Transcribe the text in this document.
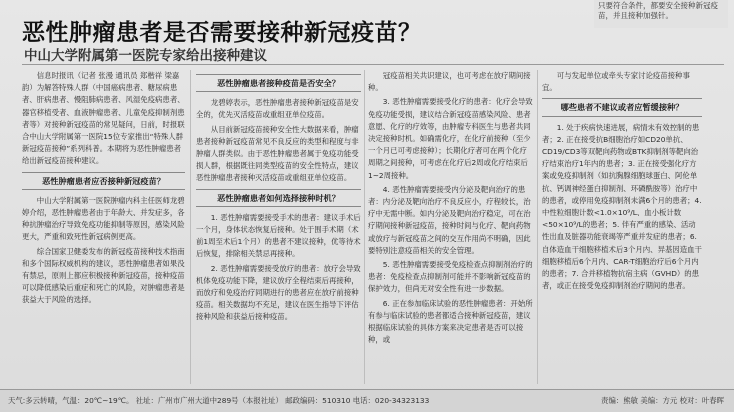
只要符合条件，都要安全接种新冠疫苗，并且接种加强针。
恶性肿瘤患者是否需要接种新冠疫苗？
中山大学附属第一医院专家给出接种建议

信息时报讯（记者 张漫 通讯员 郑楷祥 梁嘉韵）为解答特殊人群（中国癌病患者、糖尿病患者、肝病患者、慢阻肺病患者、风湿免疫病患者、器官移植受者、血液肿瘤患者、儿童免疫抑制剂患者等）对接种新冠疫苗的常见疑问，日前，时报联合中山大学附属第一医院15位专家推出“特殊人群新冠疫苗接种”系列科普。本期将为恶性肿瘤患者给出新冠疫苗接种建议。

恶性肿瘤患者应否接种新冠疫苗？

中山大学附属第一医院肿瘤内科主任医师龙碧婷介绍，恶性肿瘤患者由于年龄大、并发症多，各种抗肿瘤治疗导致免疫功能抑制等原因，感染风险更大，严重和致死性新冠病例更高。

综合国家卫健委发布的新冠疫苗接种技术指南和多个国际权威机构的建议，恶性肿瘤患者如果没有禁忌，原则上都应积极接种新冠疫苗，接种疫苗可以降低感染后重症和死亡的风险，对肿瘤患者是获益大于风险的选择。

恶性肿瘤患者接种疫苗是否安全？

龙碧婷表示，恶性肿瘤患者接种新冠疫苗是安全的，优先灭活疫苗或重组亚单位疫苗。

从目前新冠疫苗接种安全性大数据来看，肿瘤患者接种新冠疫苗常见不良反应的类型和程度与非肿瘤人群类似。由于恶性肿瘤患者属于免疫功能受损人群，根据既往同类型疫苗的安全性特点，建议恶性肿瘤患者接种灭活疫苗或重组亚单位疫苗。

恶性肿瘤患者如何选择接种时机？

1. 恶性肿瘤需要接受手术的患者：建议手术后一个月，身体状态恢复后接种。处于围手术期（术前1周至术后1个月）的患者不建议接种，优等待术后恢复，排除相关禁忌再接种。

2. 恶性肿瘤需要接受放疗的患者：放疗会导致机体免疫功能下降，建议放疗全程结束后再接种，而放疗和免疫治疗同期进行的患者应在放疗前接种疫苗。相关数据均不充足，建议在医生指导下评估接种风险和获益后接种疫苗。

冠疫苗相关共识建议，也可考虑在放疗期间接种。

3. 恶性肿瘤需要接受化疗的患者：化疗会导致免疫功能受损，建议结合新冠疫苗感染风险、患者意愿、化疗的疗效等，由肿瘤专科医生与患者共同决定接种时机。如确需化疗，在化疗前接种（至少一个月已可考虑接种）；长期化疗者可在两个化疗周期之间接种，可考虑在化疗后2周或化疗结束后1~2周接种。

4. 恶性肿瘤需要接受内分泌及靶向治疗的患者：内分泌及靶向治疗不良反应小，疗程较长，治疗中无需中断。如内分泌及靶向治疗稳定，可在治疗期间接种新冠疫苗，接种时间与化疗、靶向药物或放疗与新冠疫苗之间的交互作用尚不明确，因此要特别注意疫苗相关的安全管理。

5. 恶性肿瘤需要接受免疫检查点抑制剂治疗的患者：免疫检查点抑制剂可能并不影响新冠疫苗的保护效力，但尚无对安全性有进一步数据。

6. 正在参加临床试验的恶性肿瘤患者：开始所有参与临床试验的患者都适合接种新冠疫苗，建议根据临床试验的具体方案来决定患者是否可以接种，或

可与发起单位或牵头专家讨论疫苗接种事宜。

哪些患者不建议或者应暂缓接种？

1. 处于疾病快速进展，病情未有效控制的患者；2. 正在接受抗B细胞治疗如CD20单抗、CD19/CD3等双靶向药物或BTK抑制剂等靶向治疗结束治疗1年内的患者；3. 正在接受强化疗方案或免疫抑制剂（如抗胸腺细胞球蛋白、阿伦单抗、钙调神经蛋白抑制剂、环磷酰胺等）治疗中的患者，或停用免疫抑制剂未满6个月的患者；4. 中性粒细胞计数<1.0×10⁹/L、血小板计数<50×10⁹/L的患者；5. 伴有严重的感染、活动性出血及脏器功能衰竭等严重并发症的患者；6. 自体造血干细胞移植术后3个月内、异基因造血干细胞移植后6个月内、CAR-T细胞治疗后6个月内的患者；7. 合并移植物抗宿主病（GVHD）的患者，或正在接受免疫抑制剂治疗期间的患者。

天气:多云转晴，气温：20℃~19℃。 社址：广州市广州大道中289号（本报社址） 邮政编码：510310 电话：020-34323133	责编：熊敏 美编：方元 校对：叶春晖
